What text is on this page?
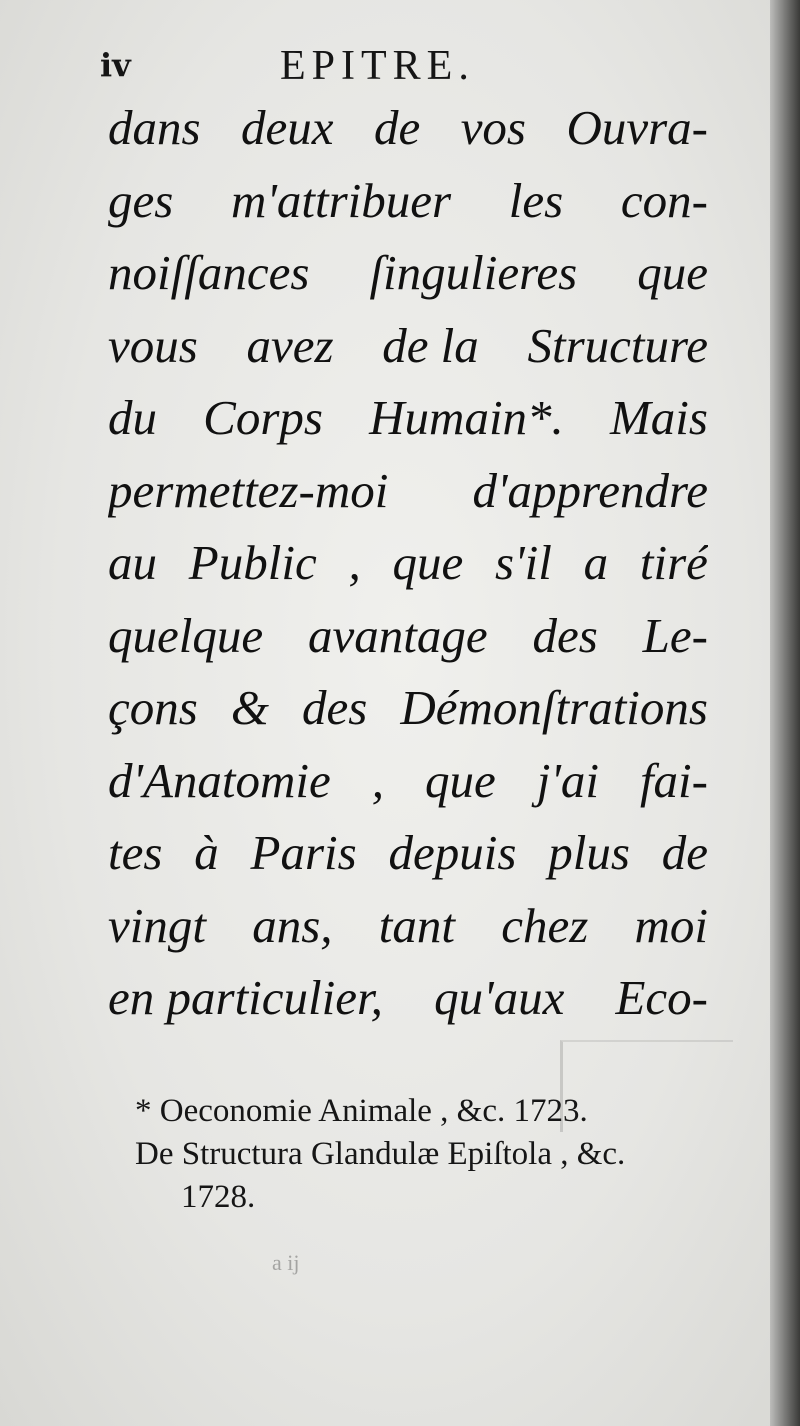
iv	EPITRE.
dans deux de vos Ouvra-
ges m'attribuer les con-
noiſſances ſingulieres que
vous avez de la Structure
du Corps Humain*. Mais
permettez-moi d'apprendre
au Public , que s'il a tiré
quelque avantage des Le-
çons & des Démonſtrations
d'Anatomie , que j'ai fai-
tes à Paris depuis plus de
vingt ans, tant chez moi
en particulier, qu'aux Eco-
* Oeconomie Animale , &c. 1723.
De Structura Glandulæ Epiſtola , &c.
1728.
a ij
